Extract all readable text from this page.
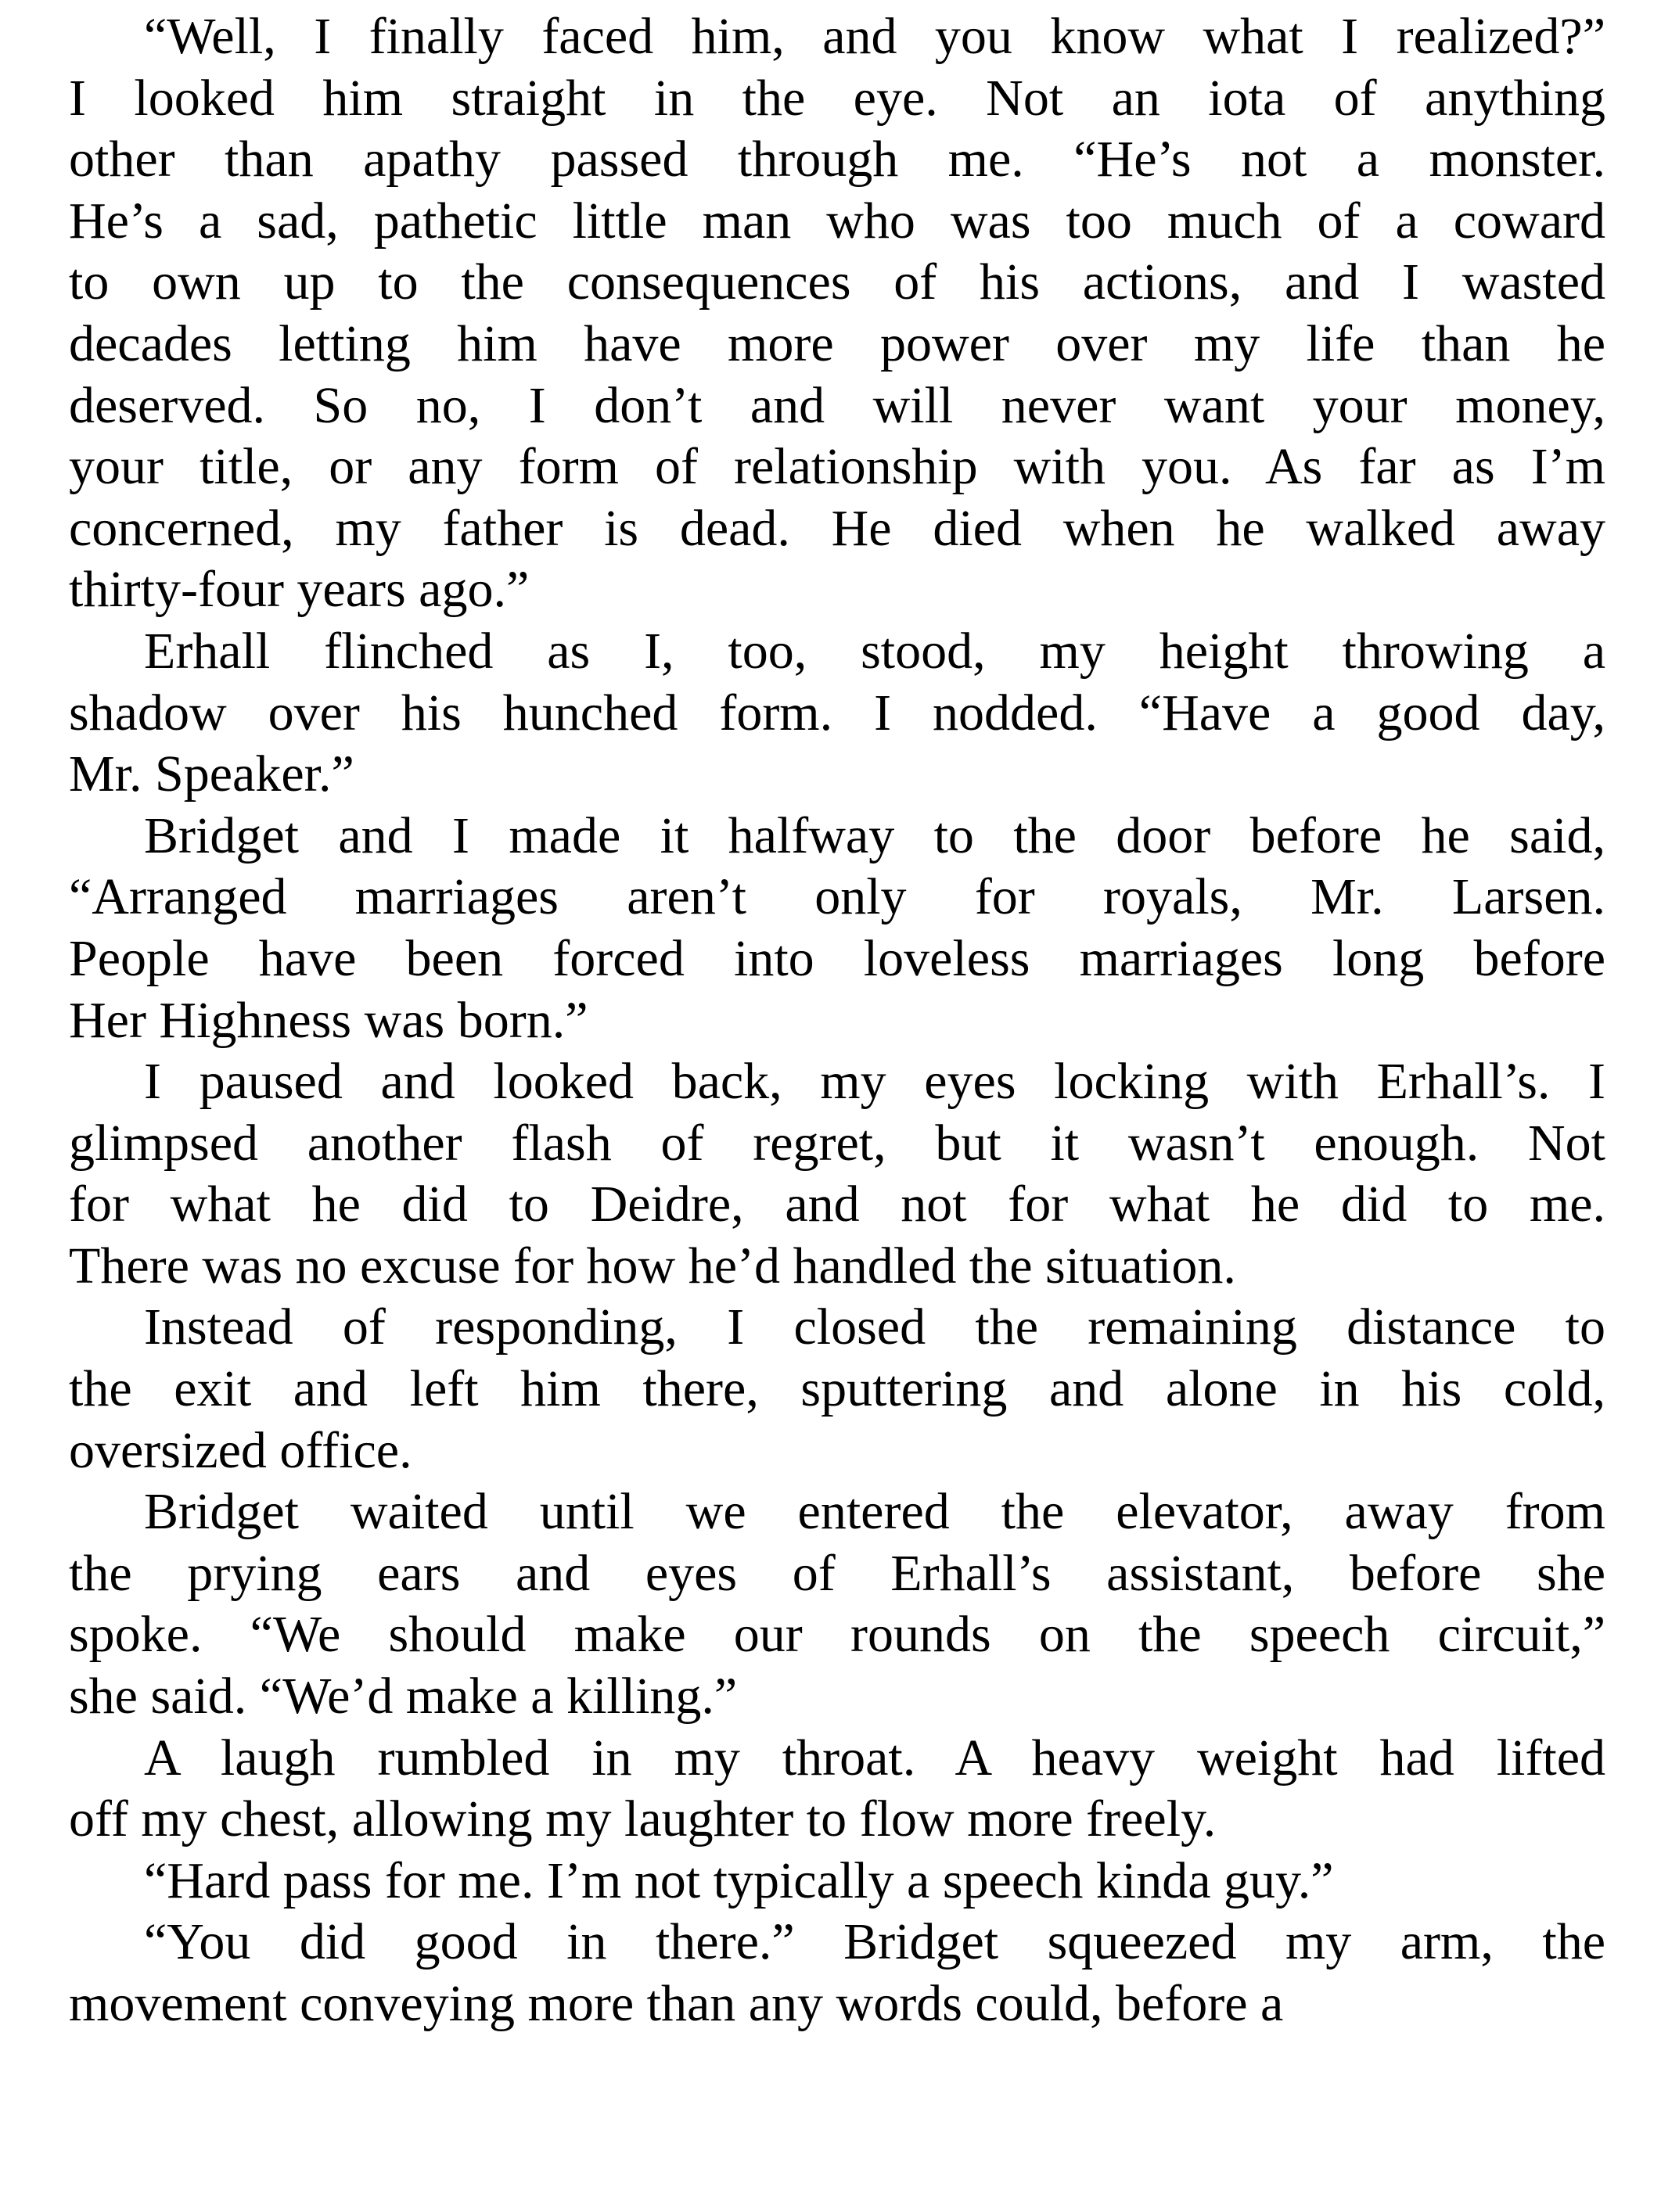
“Well, I finally faced him, and you know what I realized?”
I looked him straight in the eye. Not an iota of anything
other than apathy passed through me. “He’s not a monster.
He’s a sad, pathetic little man who was too much of a coward
to own up to the consequences of his actions, and I wasted
decades letting him have more power over my life than he
deserved. So no, I don’t and will never want your money,
your title, or any form of relationship with you. As far as I’m
concerned, my father is dead. He died when he walked away
thirty-four years ago.”
Erhall flinched as I, too, stood, my height throwing a
shadow over his hunched form. I nodded. “Have a good day,
Mr. Speaker.”
Bridget and I made it halfway to the door before he said,
“Arranged marriages aren’t only for royals, Mr. Larsen.
People have been forced into loveless marriages long before
Her Highness was born.”
I paused and looked back, my eyes locking with Erhall’s. I
glimpsed another flash of regret, but it wasn’t enough. Not
for what he did to Deidre, and not for what he did to me.
There was no excuse for how he’d handled the situation.
Instead of responding, I closed the remaining distance to
the exit and left him there, sputtering and alone in his cold,
oversized office.
Bridget waited until we entered the elevator, away from
the prying ears and eyes of Erhall’s assistant, before she
spoke. “We should make our rounds on the speech circuit,”
she said. “We’d make a killing.”
A laugh rumbled in my throat. A heavy weight had lifted
off my chest, allowing my laughter to flow more freely.
“Hard pass for me. I’m not typically a speech kinda guy.”
“You did good in there.” Bridget squeezed my arm, the
movement conveying more than any words could, before a
